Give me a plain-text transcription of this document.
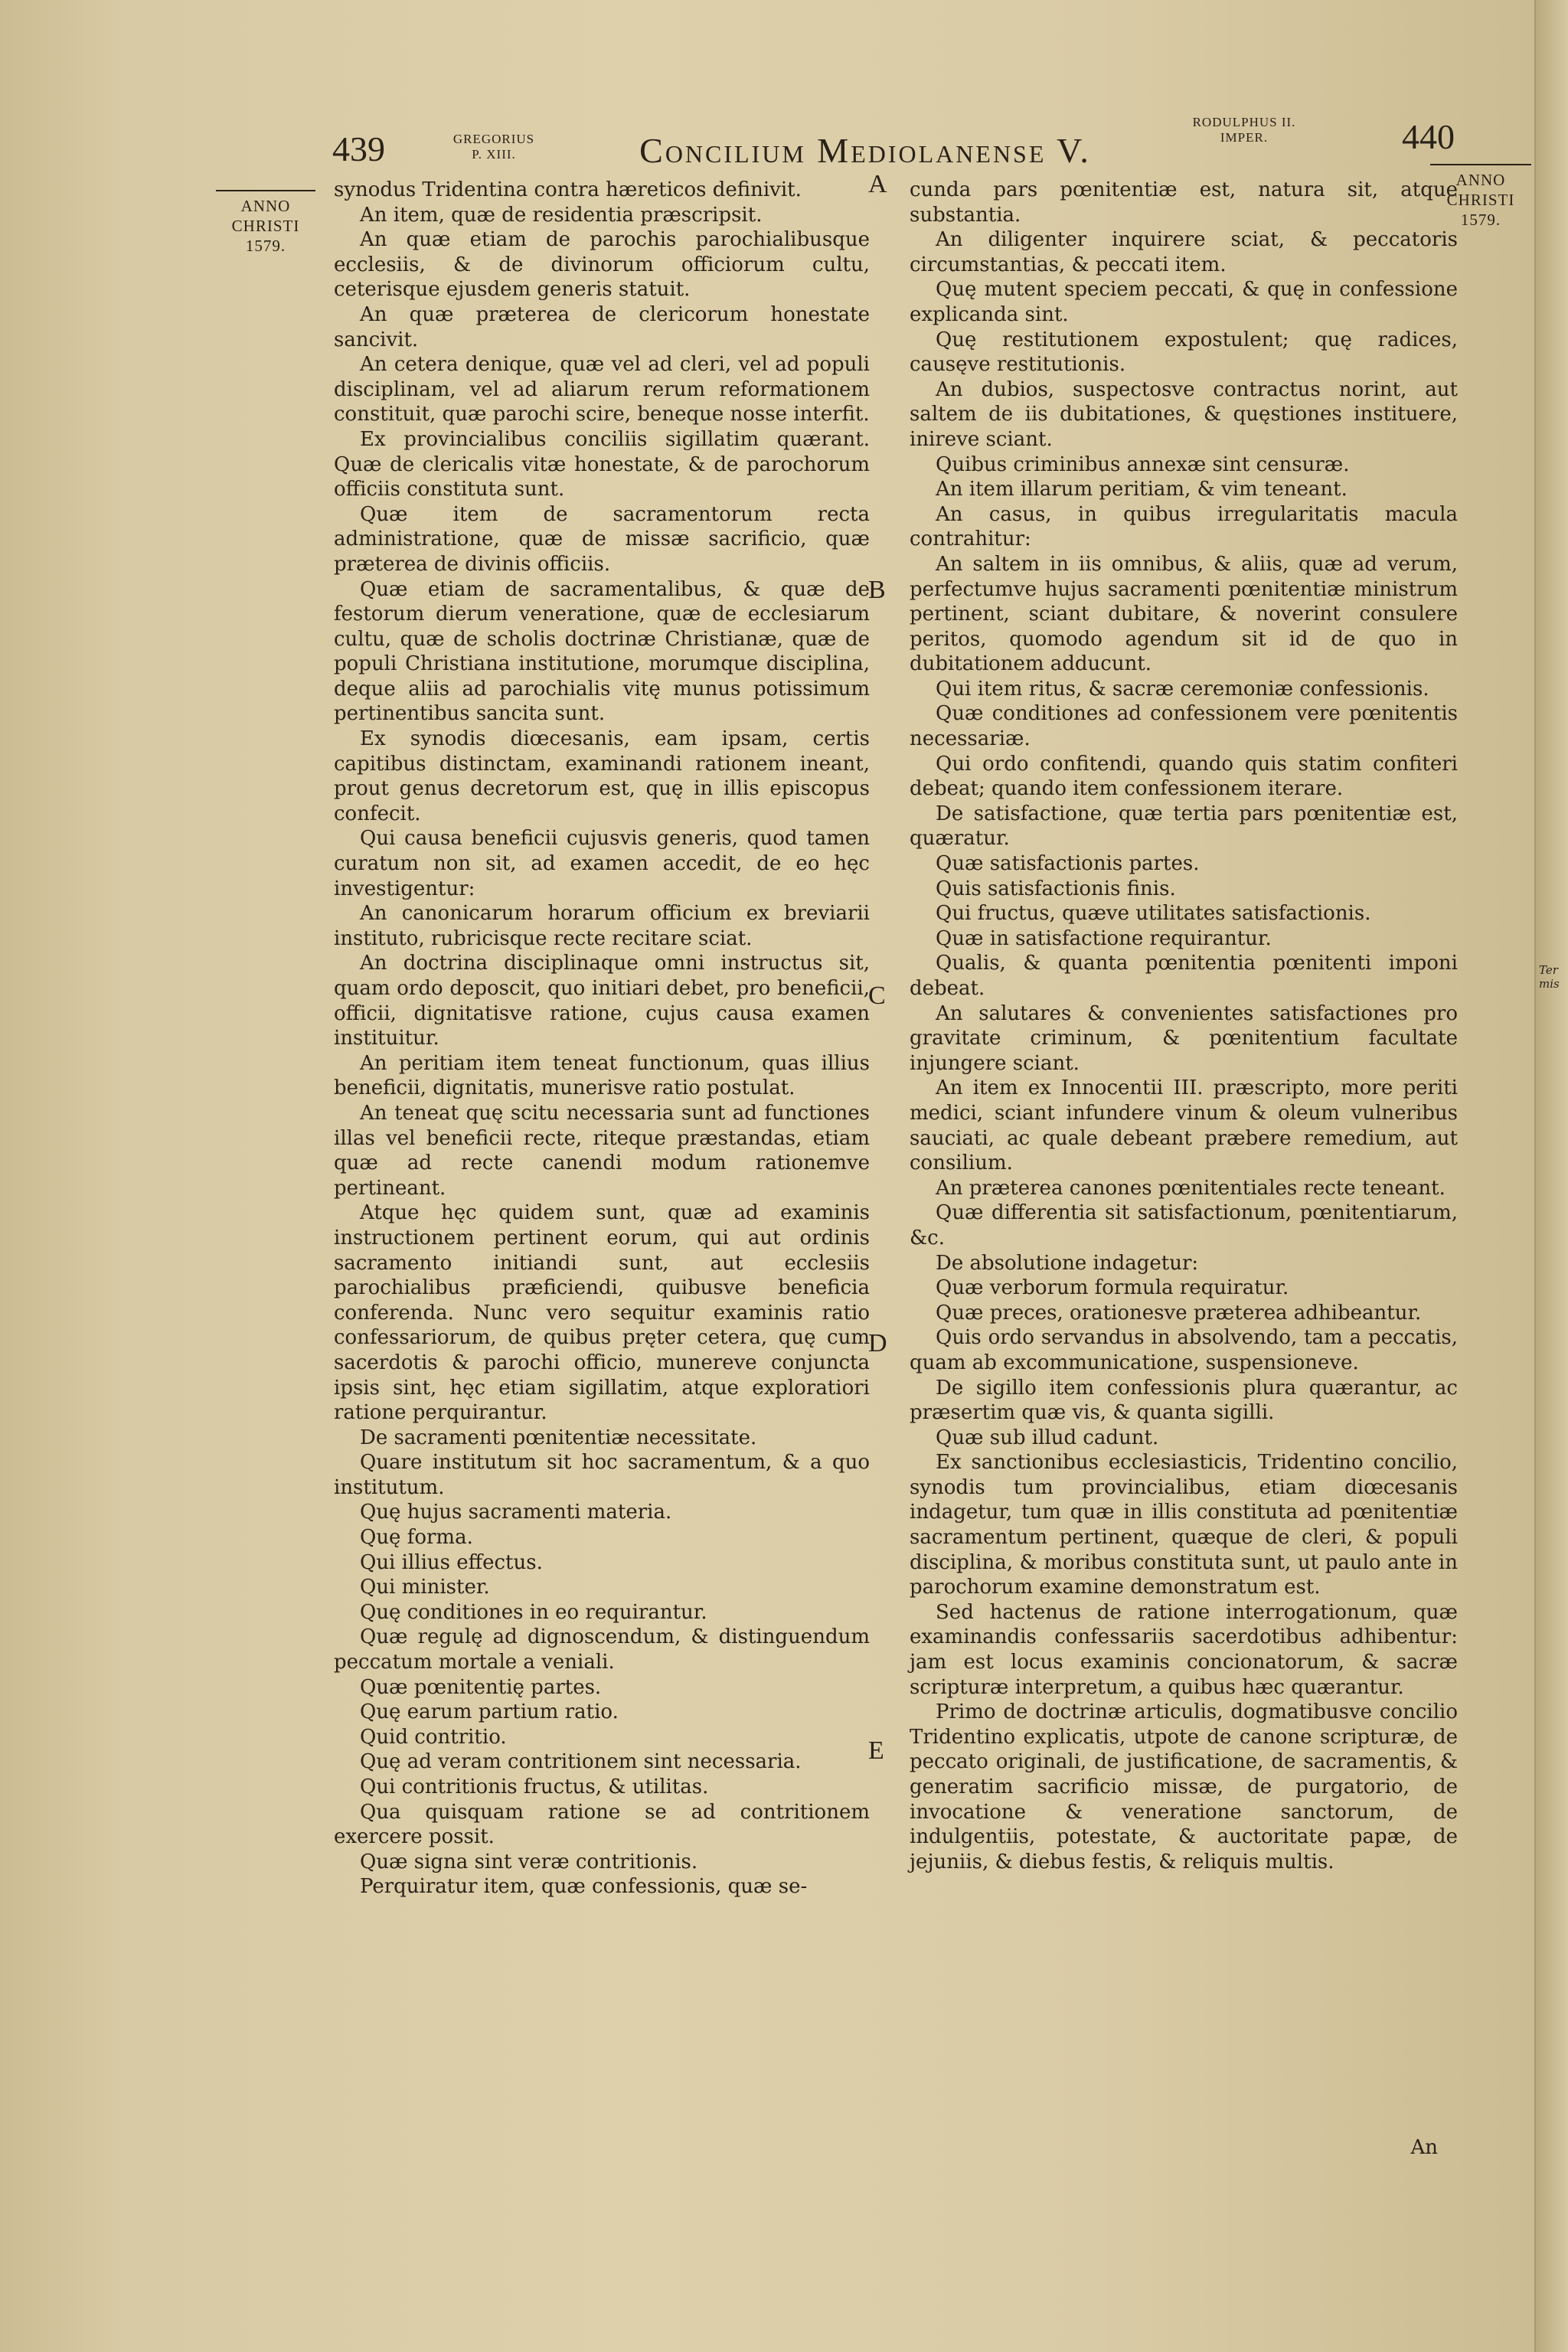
439	GREGORIUS
P. XIII.	Concilium Mediolanense V.
RODULPHUS II.
IMPER.	440
ANNO
CHRISTI
1579.
ANNO
CHRISTI
1579.
A
B
C
D
E
Ter
mis

synodus Tridentina contra hæreticos definivit.

An item, quæ de residentia præscripsit.

An quæ etiam de parochis parochialibusque ecclesiis, & de divinorum officiorum cultu, ceterisque ejusdem generis statuit.

An quæ præterea de clericorum honestate sancivit.

An cetera denique, quæ vel ad cleri, vel ad populi disciplinam, vel ad aliarum rerum reformationem constituit, quæ parochi scire, beneque nosse interfit.

Ex provincialibus conciliis sigillatim quærant. Quæ de clericalis vitæ honestate, & de parochorum officiis constituta sunt.

Quæ item de sacramentorum recta administratione, quæ de missæ sacrificio, quæ præterea de divinis officiis.

Quæ etiam de sacramentalibus, & quæ de festorum dierum veneratione, quæ de ecclesiarum cultu, quæ de scholis doctrinæ Christianæ, quæ de populi Christiana institutione, morumque disciplina, deque aliis ad parochialis vitę munus potissimum pertinentibus sancita sunt.

Ex synodis diœcesanis, eam ipsam, certis capitibus distinctam, examinandi rationem ineant, prout genus decretorum est, quę in illis episcopus confecit.

Qui causa beneficii cujusvis generis, quod tamen curatum non sit, ad examen accedit, de eo hęc investigentur:

An canonicarum horarum officium ex breviarii instituto, rubricisque recte recitare sciat.

An doctrina disciplinaque omni instructus sit, quam ordo deposcit, quo initiari debet, pro beneficii, officii, dignitatisve ratione, cujus causa examen instituitur.

An peritiam item teneat functionum, quas illius beneficii, dignitatis, munerisve ratio postulat.

An teneat quę scitu necessaria sunt ad functiones illas vel beneficii recte, riteque præstandas, etiam quæ ad recte canendi modum rationemve pertineant.

Atque hęc quidem sunt, quæ ad examinis instructionem pertinent eorum, qui aut ordinis sacramento initiandi sunt, aut ecclesiis parochialibus præficiendi, quibusve beneficia conferenda. Nunc vero sequitur examinis ratio confessariorum, de quibus pręter cetera, quę cum sacerdotis & parochi officio, munereve conjuncta ipsis sint, hęc etiam sigillatim, atque exploratiori ratione perquirantur.

De sacramenti pœnitentiæ necessitate.

Quare institutum sit hoc sacramentum, & a quo institutum.

Quę hujus sacramenti materia.

Quę forma.

Qui illius effectus.

Qui minister.

Quę conditiones in eo requirantur.

Quæ regulę ad dignoscendum, & distinguendum peccatum mortale a veniali.

Quæ pœnitentię partes.

Quę earum partium ratio.

Quid contritio.

Quę ad veram contritionem sint necessaria.

Qui contritionis fructus, & utilitas.

Qua quisquam ratione se ad contritionem exercere possit.

Quæ signa sint veræ contritionis.

Perquiratur item, quæ confessionis, quæ se-

cunda pars pœnitentiæ est, natura sit, atque substantia.

An diligenter inquirere sciat, & peccatoris circumstantias, & peccati item.

Quę mutent speciem peccati, & quę in confessione explicanda sint.

Quę restitutionem expostulent; quę radices, causęve restitutionis.

An dubios, suspectosve contractus norint, aut saltem de iis dubitationes, & quęstiones instituere, inireve sciant.

Quibus criminibus annexæ sint censuræ.

An item illarum peritiam, & vim teneant.

An casus, in quibus irregularitatis macula contrahitur:

An saltem in iis omnibus, & aliis, quæ ad verum, perfectumve hujus sacramenti pœnitentiæ ministrum pertinent, sciant dubitare, & noverint consulere peritos, quomodo agendum sit id de quo in dubitationem adducunt.

Qui item ritus, & sacræ ceremoniæ confessionis.

Quæ conditiones ad confessionem vere pœnitentis necessariæ.

Qui ordo confitendi, quando quis statim confiteri debeat; quando item confessionem iterare.

De satisfactione, quæ tertia pars pœnitentiæ est, quæratur.

Quæ satisfactionis partes.

Quis satisfactionis finis.

Qui fructus, quæve utilitates satisfactionis.

Quæ in satisfactione requirantur.

Qualis, & quanta pœnitentia pœnitenti imponi debeat.

An salutares & convenientes satisfactiones pro gravitate criminum, & pœnitentium facultate injungere sciant.

An item ex Innocentii III. præscripto, more periti medici, sciant infundere vinum & oleum vulneribus sauciati, ac quale debeant præbere remedium, aut consilium.

An præterea canones pœnitentiales recte teneant.

Quæ differentia sit satisfactionum, pœnitentiarum, &c.

De absolutione indagetur:

Quæ verborum formula requiratur.

Quæ preces, orationesve præterea adhibeantur.

Quis ordo servandus in absolvendo, tam a peccatis, quam ab excommunicatione, suspensioneve.

De sigillo item confessionis plura quærantur, ac præsertim quæ vis, & quanta sigilli.

Quæ sub illud cadunt.

Ex sanctionibus ecclesiasticis, Tridentino concilio, synodis tum provincialibus, etiam diœcesanis indagetur, tum quæ in illis constituta ad pœnitentiæ sacramentum pertinent, quæque de cleri, & populi disciplina, & moribus constituta sunt, ut paulo ante in parochorum examine demonstratum est.

Sed hactenus de ratione interrogationum, quæ examinandis confessariis sacerdotibus adhibentur: jam est locus examinis concionatorum, & sacræ scripturæ interpretum, a quibus hæc quærantur.

Primo de doctrinæ articulis, dogmatibusve concilio Tridentino explicatis, utpote de canone scripturæ, de peccato originali, de justificatione, de sacramentis, & generatim sacrificio missæ, de purgatorio, de invocatione & veneratione sanctorum, de indulgentiis, potestate, & auctoritate papæ, de jejuniis, & diebus festis, & reliquis multis.

An
